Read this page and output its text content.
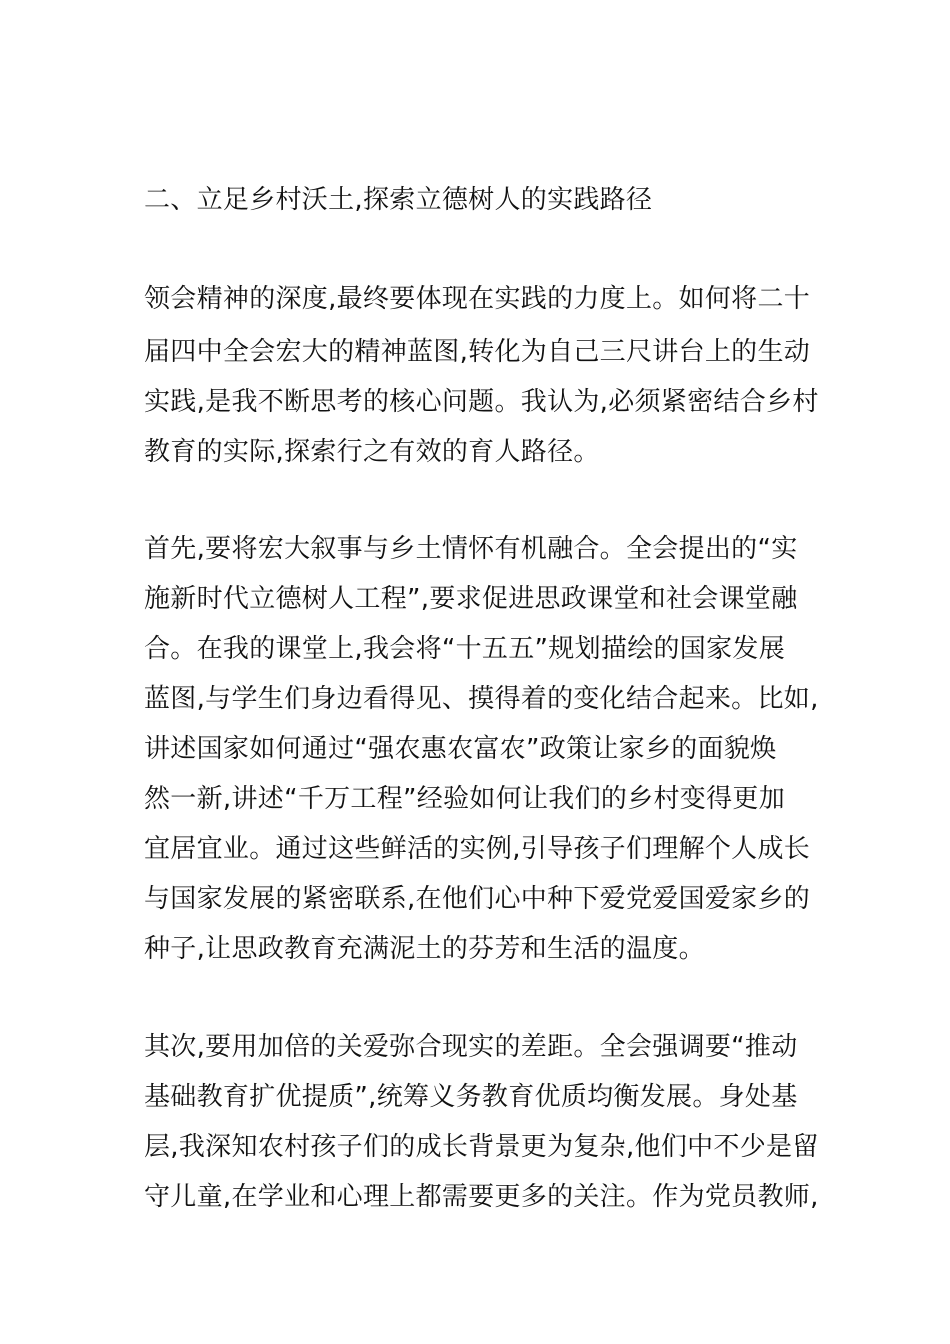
二、立足乡村沃土,探索立德树人的实践路径
领会精神的深度,最终要体现在实践的力度上。如何将二十
届四中全会宏大的精神蓝图,转化为自己三尺讲台上的生动
实践,是我不断思考的核心问题。我认为,必须紧密结合乡村
教育的实际,探索行之有效的育人路径。
首先,要将宏大叙事与乡土情怀有机融合。全会提出的“实
施新时代立德树人工程”,要求促进思政课堂和社会课堂融
合。在我的课堂上,我会将“十五五”规划描绘的国家发展
蓝图,与学生们身边看得见、摸得着的变化结合起来。比如,
讲述国家如何通过“强农惠农富农”政策让家乡的面貌焕
然一新,讲述“千万工程”经验如何让我们的乡村变得更加
宜居宜业。通过这些鲜活的实例,引导孩子们理解个人成长
与国家发展的紧密联系,在他们心中种下爱党爱国爱家乡的
种子,让思政教育充满泥土的芬芳和生活的温度。
其次,要用加倍的关爱弥合现实的差距。全会强调要“推动
基础教育扩优提质”,统筹义务教育优质均衡发展。身处基
层,我深知农村孩子们的成长背景更为复杂,他们中不少是留
守儿童,在学业和心理上都需要更多的关注。作为党员教师,
